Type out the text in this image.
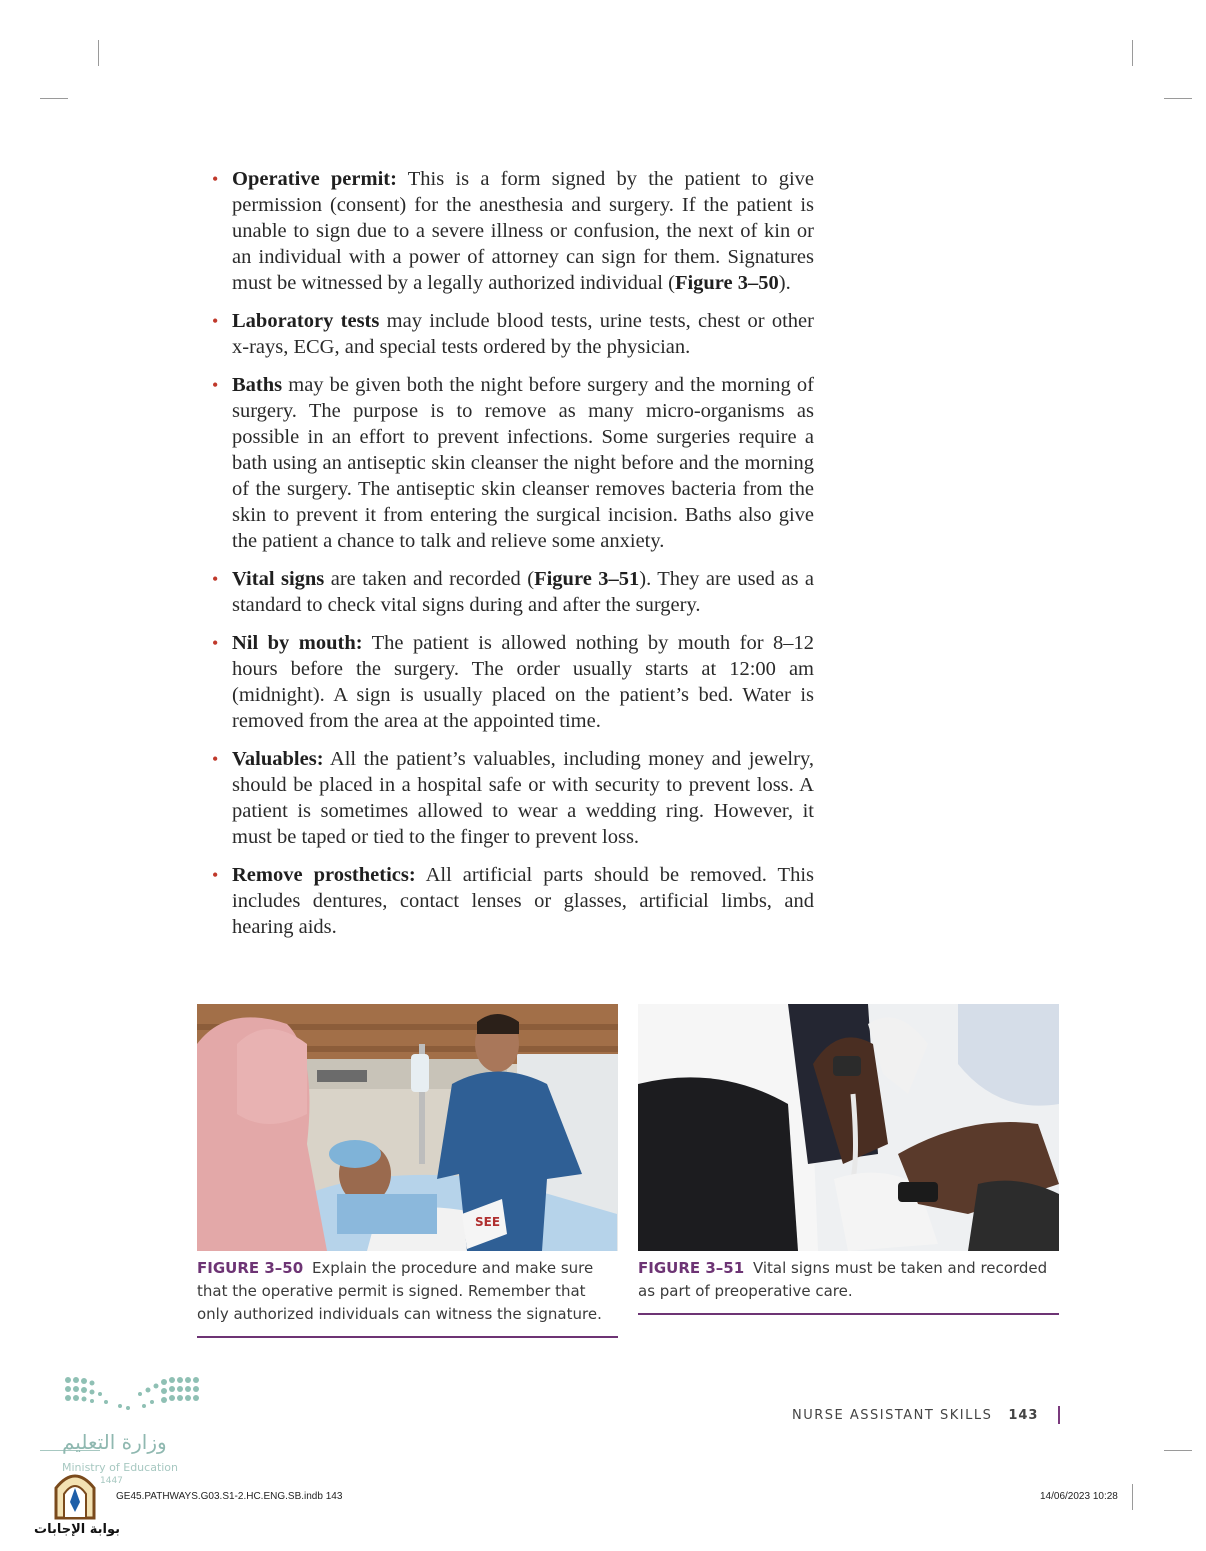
• Operative permit: This is a form signed by the patient to give permission (consent) for the anesthesia and surgery. If the patient is unable to sign due to a severe illness or confusion, the next of kin or an individual with a power of attorney can sign for them. Signatures must be witnessed by a legally authorized individual (Figure 3–50).
• Laboratory tests may include blood tests, urine tests, chest or other x-rays, ECG, and special tests ordered by the physician.
• Baths may be given both the night before surgery and the morning of surgery. The purpose is to remove as many micro-organisms as possible in an effort to prevent infections. Some surgeries require a bath using an antiseptic skin cleanser the night before and the morning of the surgery. The antiseptic skin cleanser removes bacteria from the skin to prevent it from entering the surgical incision. Baths also give the patient a chance to talk and relieve some anxiety.
• Vital signs are taken and recorded (Figure 3–51). They are used as a standard to check vital signs during and after the surgery.
• Nil by mouth: The patient is allowed nothing by mouth for 8–12 hours before the surgery. The order usually starts at 12:00 am (midnight). A sign is usually placed on the patient’s bed. Water is removed from the area at the appointed time.
• Valuables: All the patient’s valuables, including money and jewelry, should be placed in a hospital safe or with security to prevent loss. A patient is sometimes allowed to wear a wedding ring. However, it must be taped or tied to the finger to prevent loss.
• Remove prosthetics: All artificial parts should be removed. This includes dentures, contact lenses or glasses, artificial limbs, and hearing aids.
SEE
FIGURE 3–50 Explain the procedure and make sure that the operative permit is signed. Remember that only authorized individuals can witness the signature.
FIGURE 3–51 Vital signs must be taken and recorded as part of preoperative care.
وزارة التعليم
Ministry of Education
1447
بوابة الإجابات
NURSE ASSISTANT SKILLS 143
GE45.PATHWAYS.G03.S1-2.HC.ENG.SB.indb 143	14/06/2023 10:28
